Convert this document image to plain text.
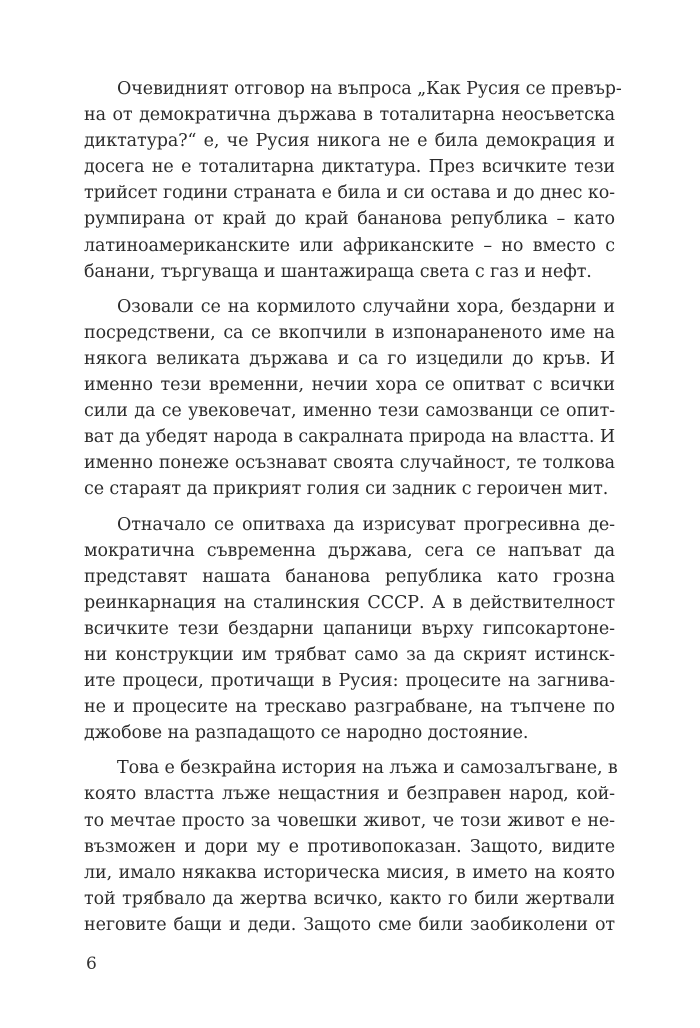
Очевидният отговор на въпроса „Как Русия се превър-
на от демократична държава в тоталитарна неосъветска
диктатура?“ е, че Русия никога не е била демокрация и
досега не е тоталитарна диктатура. През всичките тези
трийсет години страната е била и си остава и до днес ко-
румпирана от край до край бананова република – като
латиноамериканските или африканските – но вместо с
банани, търгуваща и шантажираща света с газ и нефт.
Озовали се на кормилото случайни хора, бездарни и
посредствени, са се вкопчили в изпонараненото име на
някога великата държава и са го изцедили до кръв. И
именно тези временни, нечии хора се опитват с всички
сили да се увековечат, именно тези самозванци се опит-
ват да убедят народа в сакралната природа на властта. И
именно понеже осъзнават своята случайност, те толкова
се стараят да прикрият голия си задник с героичен мит.
Отначало се опитваха да изрисуват прогресивна де-
мократична съвременна държава, сега се напъват да
представят нашата бананова република като грозна
реинкарнация на сталинския СССР. А в действителност
всичките тези бездарни цапаници върху гипсокартоне-
ни конструкции им трябват само за да скрият истинск-
ите процеси, протичащи в Русия: процесите на загнива-
не и процесите на трескаво разграбване, на тъпчене по
джобове на разпадащото се народно достояние.
Това е безкрайна история на лъжа и самозалъгване, в
която властта лъже нещастния и безправен народ, кой-
то мечтае просто за човешки живот, че този живот е не-
възможен и дори му е противопоказан. Защото, видите
ли, имало някаква историческа мисия, в името на която
той трябвало да жертва всичко, както го били жертвали
неговите бащи и деди. Защото сме били заобиколени от
6
